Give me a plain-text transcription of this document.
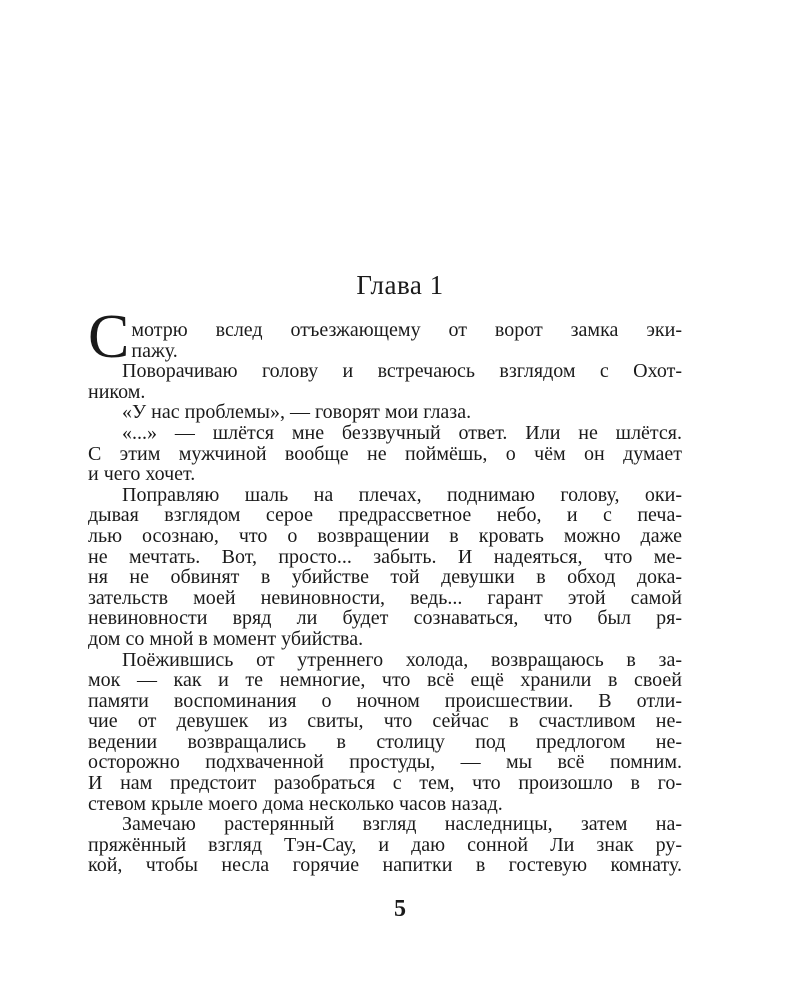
Глава 1
С мотрю вслед отъезжающему от ворот замка эки-
пажу.
Поворачиваю голову и встречаюсь взглядом с Охот-
ником.
«У нас проблемы», — говорят мои глаза.
«...» — шлётся мне беззвучный ответ. Или не шлётся.
С этим мужчиной вообще не поймёшь, о чём он думает
и чего хочет.
Поправляю шаль на плечах, поднимаю голову, оки-
дывая взглядом серое предрассветное небо, и с печа-
лью осознаю, что о возвращении в кровать можно даже
не мечтать. Вот, просто... забыть. И надеяться, что ме-
ня не обвинят в убийстве той девушки в обход дока-
зательств моей невиновности, ведь... гарант этой самой
невиновности вряд ли будет сознаваться, что был ря-
дом со мной в момент убийства.
Поёжившись от утреннего холода, возвращаюсь в за-
мок — как и те немногие, что всё ещё хранили в своей
памяти воспоминания о ночном происшествии. В отли-
чие от девушек из свиты, что сейчас в счастливом не-
ведении возвращались в столицу под предлогом не-
осторожно подхваченной простуды, — мы всё помним.
И нам предстоит разобраться с тем, что произошло в го-
стевом крыле моего дома несколько часов назад.
Замечаю растерянный взгляд наследницы, затем на-
пряжённый взгляд Тэн-Сау, и даю сонной Ли знак ру-
кой, чтобы несла горячие напитки в гостевую комнату.
5
